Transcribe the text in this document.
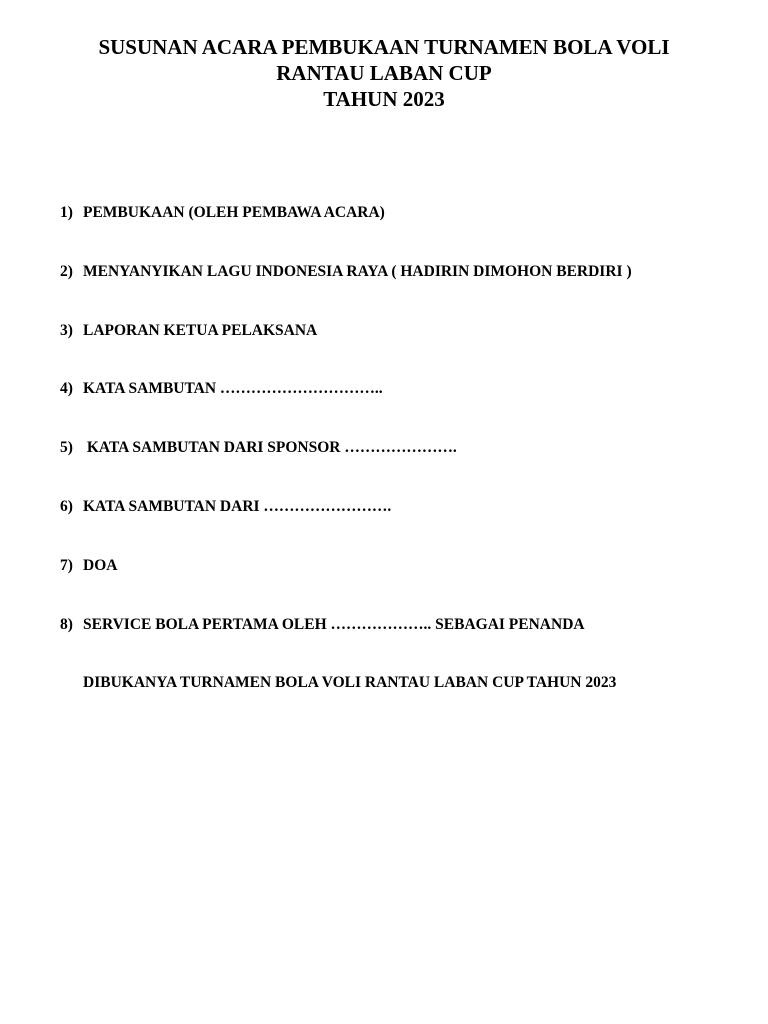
SUSUNAN ACARA PEMBUKAAN TURNAMEN BOLA VOLI
RANTAU LABAN CUP
TAHUN 2023
1) PEMBUKAAN (OLEH PEMBAWA ACARA)
2) MENYANYIKAN LAGU INDONESIA RAYA ( HADIRIN DIMOHON BERDIRI )
3) LAPORAN KETUA PELAKSANA
4) KATA SAMBUTAN …………………………..
5) KATA SAMBUTAN DARI SPONSOR ………………….
6) KATA SAMBUTAN DARI …………………….
7) DOA
8) SERVICE BOLA PERTAMA OLEH ……………….. SEBAGAI PENANDA
DIBUKANYA TURNAMEN BOLA VOLI RANTAU LABAN CUP TAHUN 2023
